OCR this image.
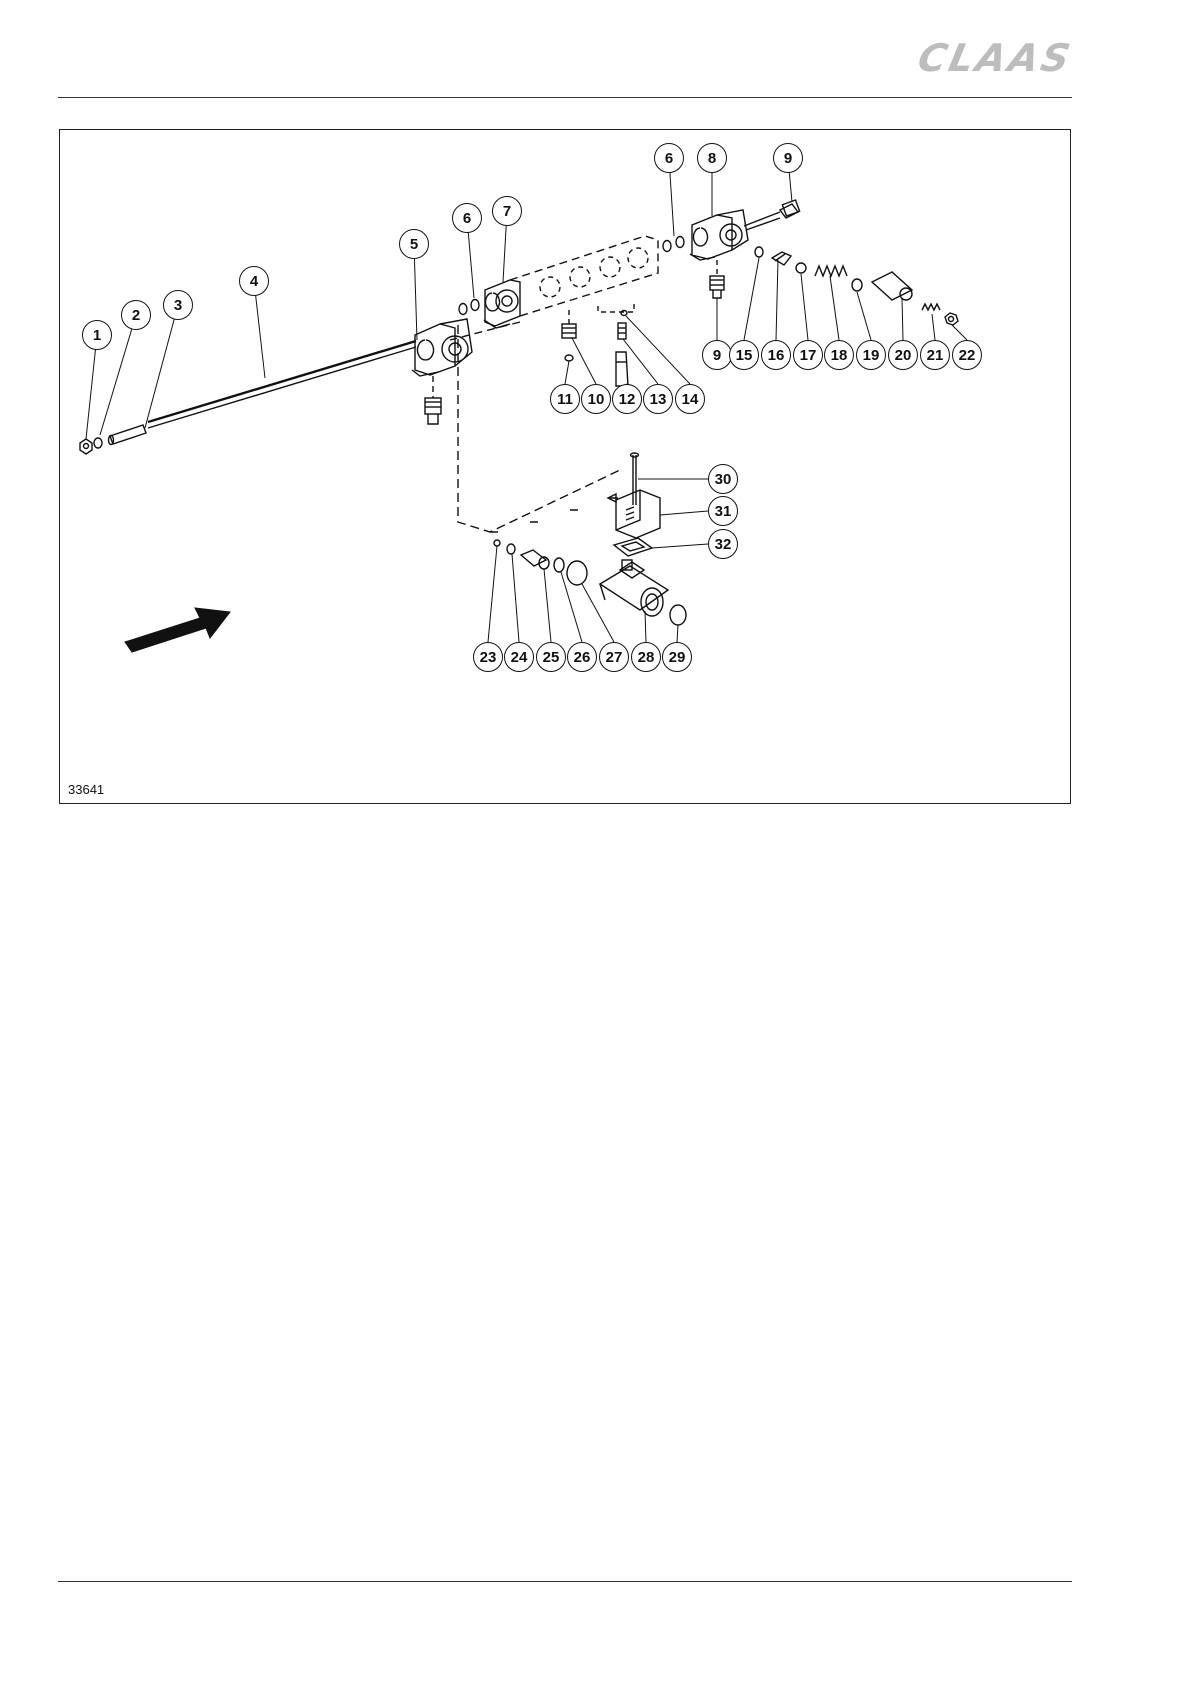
CLAAS
1
2
3
4
5
6	7
6	8	9
9 15	16	17 18	19	20	21	22
11 10 12 13	14
30
31
32
23 24	25 26	27	28 29
33641
